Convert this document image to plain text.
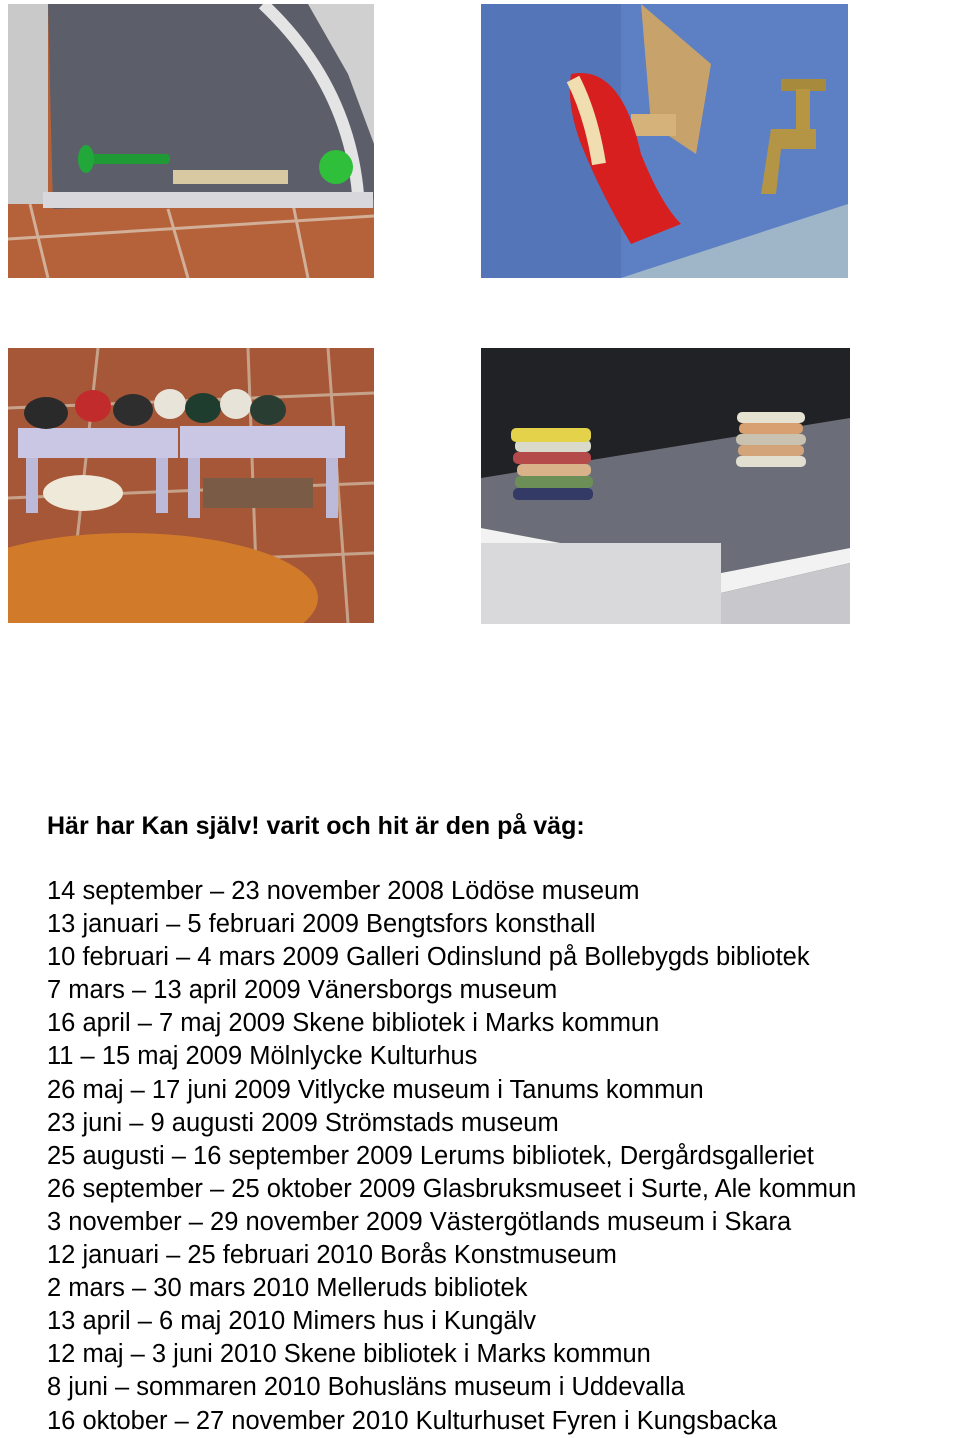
Här har Kan själv! varit och hit är den på väg:

14 september – 23 november 2008 Lödöse museum
13 januari – 5 februari 2009 Bengtsfors konsthall
10 februari – 4 mars 2009 Galleri Odinslund på Bollebygds bibliotek
7 mars – 13 april 2009 Vänersborgs museum
16 april – 7 maj 2009 Skene bibliotek i Marks kommun
11 – 15 maj 2009 Mölnlycke Kulturhus
26 maj – 17 juni 2009 Vitlycke museum i Tanums kommun
23 juni – 9 augusti 2009 Strömstads museum
25 augusti – 16 september 2009 Lerums bibliotek, Dergårdsgalleriet
26 september – 25 oktober 2009 Glasbruksmuseet i Surte, Ale kommun
3 november – 29 november 2009 Västergötlands museum i Skara
12 januari – 25 februari 2010 Borås Konstmuseum
2 mars – 30 mars 2010 Melleruds bibliotek
13 april – 6 maj 2010 Mimers hus i Kungälv
12 maj – 3 juni 2010 Skene bibliotek i Marks kommun
8 juni – sommaren 2010 Bohusläns museum i Uddevalla
16 oktober – 27 november 2010 Kulturhuset Fyren i Kungsbacka
